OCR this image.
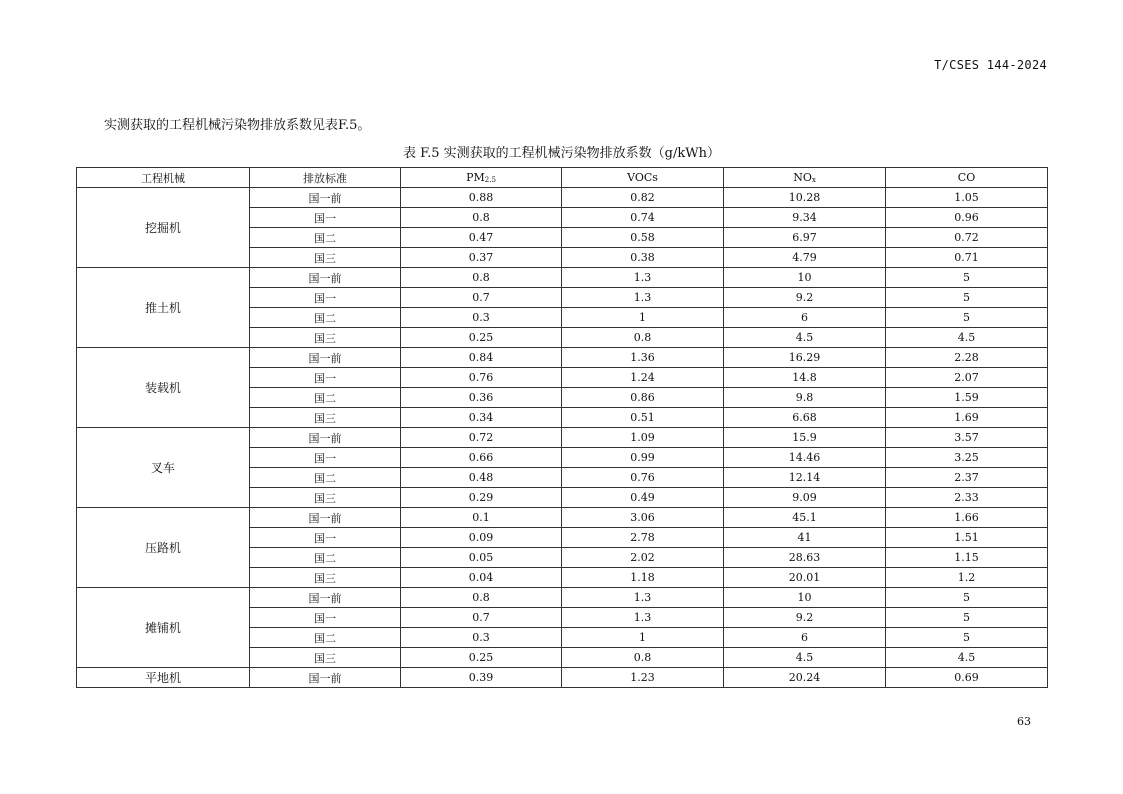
T/CSES 144-2024
实测获取的工程机械污染物排放系数见表F.5。
表 F.5 实测获取的工程机械污染物排放系数（g/kWh）
工程机械	排放标准	$PM_{2.5}$	VOCs	$NO_x$	CO
挖掘机	国一前	0.88	0.82	10.28	1.05
	国一	0.8	0.74	9.34	0.96
	国二	0.47	0.58	6.97	0.72
	国三	0.37	0.38	4.79	0.71
推土机	国一前	0.8	1.3	10	5
	国一	0.7	1.3	9.2	5
	国二	0.3	1	6	5
	国三	0.25	0.8	4.5	4.5
装载机	国一前	0.84	1.36	16.29	2.28
	国一	0.76	1.24	14.8	2.07
	国二	0.36	0.86	9.8	1.59
	国三	0.34	0.51	6.68	1.69
叉车	国一前	0.72	1.09	15.9	3.57
	国一	0.66	0.99	14.46	3.25
	国二	0.48	0.76	12.14	2.37
	国三	0.29	0.49	9.09	2.33
压路机	国一前	0.1	3.06	45.1	1.66
	国一	0.09	2.78	41	1.51
	国二	0.05	2.02	28.63	1.15
	国三	0.04	1.18	20.01	1.2
摊铺机	国一前	0.8	1.3	10	5
	国一	0.7	1.3	9.2	5
	国二	0.3	1	6	5
	国三	0.25	0.8	4.5	4.5
平地机	国一前	0.39	1.23	20.24	0.69
63
